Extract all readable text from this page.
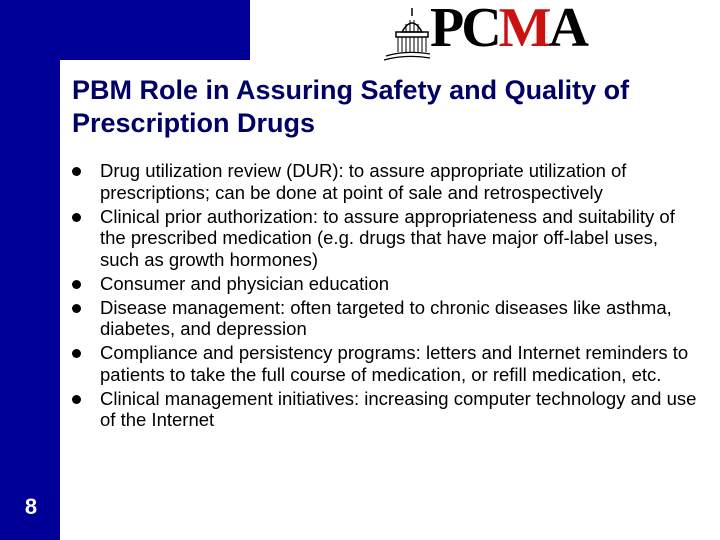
PCMA
PBM Role in Assuring Safety and Quality of Prescription Drugs
Drug utilization review (DUR): to assure appropriate utilization of prescriptions; can be done at point of sale and retrospectively
Clinical prior authorization: to assure appropriateness and suitability of the prescribed medication (e.g. drugs that have major off-label uses, such as growth hormones)
Consumer and physician education
Disease management: often targeted to chronic diseases like asthma, diabetes, and depression
Compliance and persistency programs: letters and Internet reminders to patients to take the full course of medication, or refill medication, etc.
Clinical management initiatives: increasing computer technology and use of the Internet
8
